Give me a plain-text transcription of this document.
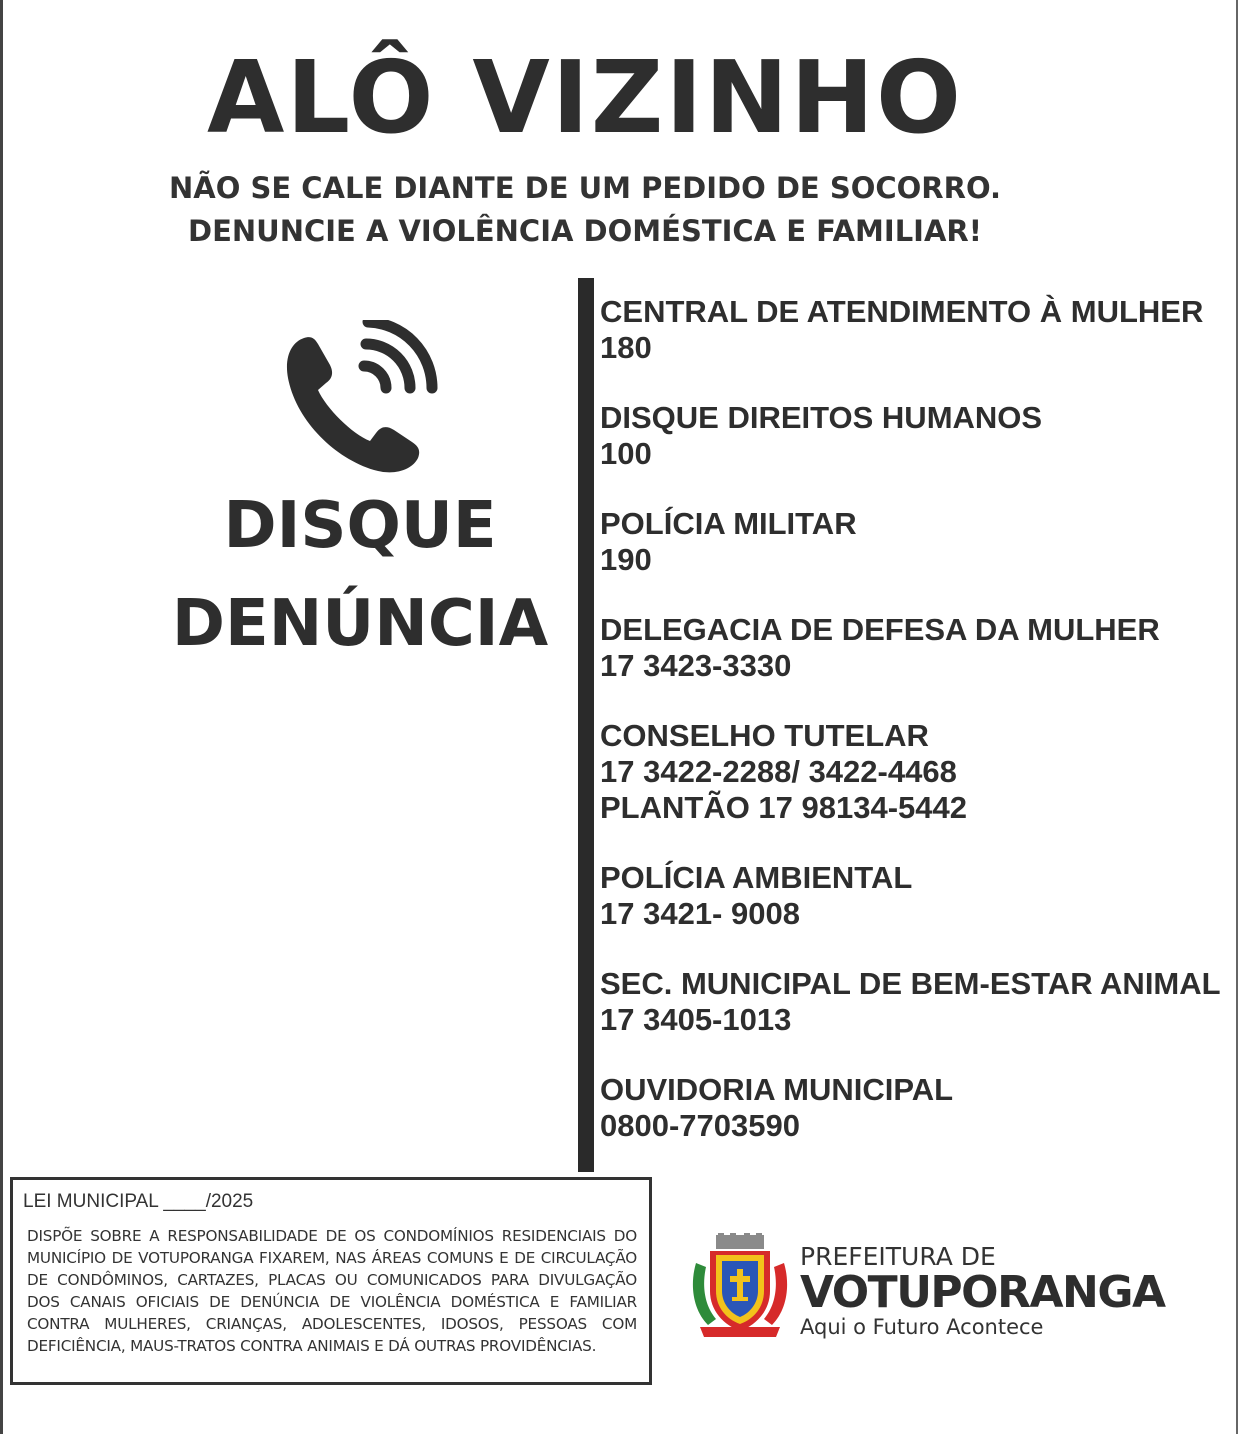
ALÔ VIZINHO
NÃO SE CALE DIANTE DE UM PEDIDO DE SOCORRO.
DENUNCIE A VIOLÊNCIA DOMÉSTICA E FAMILIAR!
DISQUE
DENÚNCIA
CENTRAL DE ATENDIMENTO À MULHER
180
DISQUE DIREITOS HUMANOS
100
POLÍCIA MILITAR
190
DELEGACIA DE DEFESA DA MULHER
17 3423-3330
CONSELHO TUTELAR
17 3422-2288/ 3422-4468
PLANTÃO 17 98134-5442
POLÍCIA AMBIENTAL
17 3421- 9008
SEC. MUNICIPAL DE BEM-ESTAR ANIMAL
17 3405-1013
OUVIDORIA MUNICIPAL
0800-7703590
LEI MUNICIPAL ____/2025
DISPÕE SOBRE A RESPONSABILIDADE DE OS CONDOMÍNIOS RESIDENCIAIS DO MUNICÍPIO DE VOTUPORANGA FIXAREM, NAS ÁREAS COMUNS E DE CIRCULAÇÃO DE CONDÔMINOS, CARTAZES, PLACAS OU COMUNICADOS PARA DIVULGAÇÃO DOS CANAIS OFICIAIS DE DENÚNCIA DE VIOLÊNCIA DOMÉSTICA E FAMILIAR CONTRA MULHERES, CRIANÇAS, ADOLESCENTES, IDOSOS, PESSOAS COM DEFICIÊNCIA, MAUS-TRATOS CONTRA ANIMAIS E DÁ OUTRAS PROVIDÊNCIAS.
PREFEITURA DE
VOTUPORANGA
Aqui o Futuro Acontece
